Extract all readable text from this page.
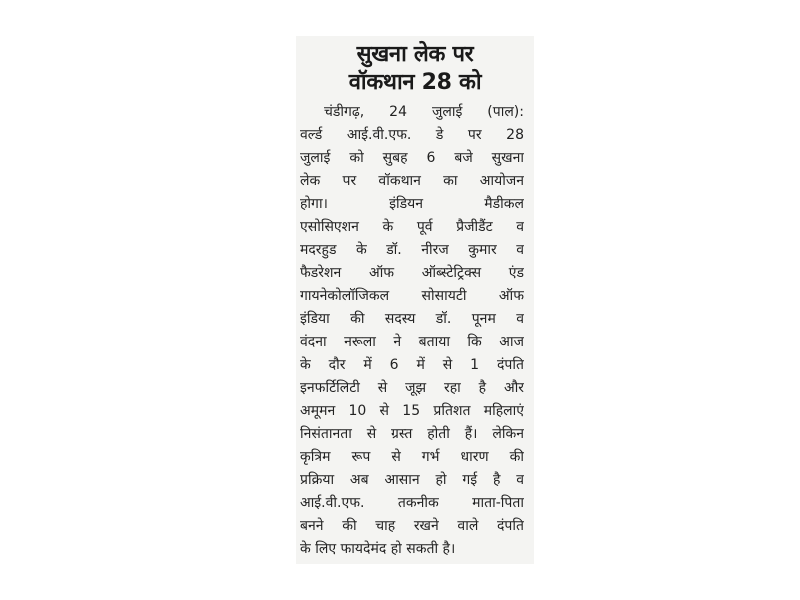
सुखना लेक पर
वॉकथान 28 को
चंडीगढ़, 24 जुलाई (पाल):
वर्ल्ड आई.वी.एफ. डे पर 28
जुलाई को सुबह 6 बजे सुखना
लेक पर वॉकथान का आयोजन
होगा। इंडियन मैडीकल
एसोसिएशन के पूर्व प्रैजीडैंट व
मदरहुड के डॉ. नीरज कुमार व
फैडरेशन ऑफ ऑब्स्टेट्रिक्स एंड
गायनेकोलॉजिकल सोसायटी ऑफ
इंडिया की सदस्य डॉ. पूनम व
वंदना नरूला ने बताया कि आज
के दौर में 6 में से 1 दंपति
इनफर्टिलिटी से जूझ रहा है और
अमूमन 10 से 15 प्रतिशत महिलाएं
निसंतानता से ग्रस्त होती हैं। लेकिन
कृत्रिम रूप से गर्भ धारण की
प्रक्रिया अब आसान हो गई है व
आई.वी.एफ. तकनीक माता-पिता
बनने की चाह रखने वाले दंपति
के लिए फायदेमंद हो सकती है।
